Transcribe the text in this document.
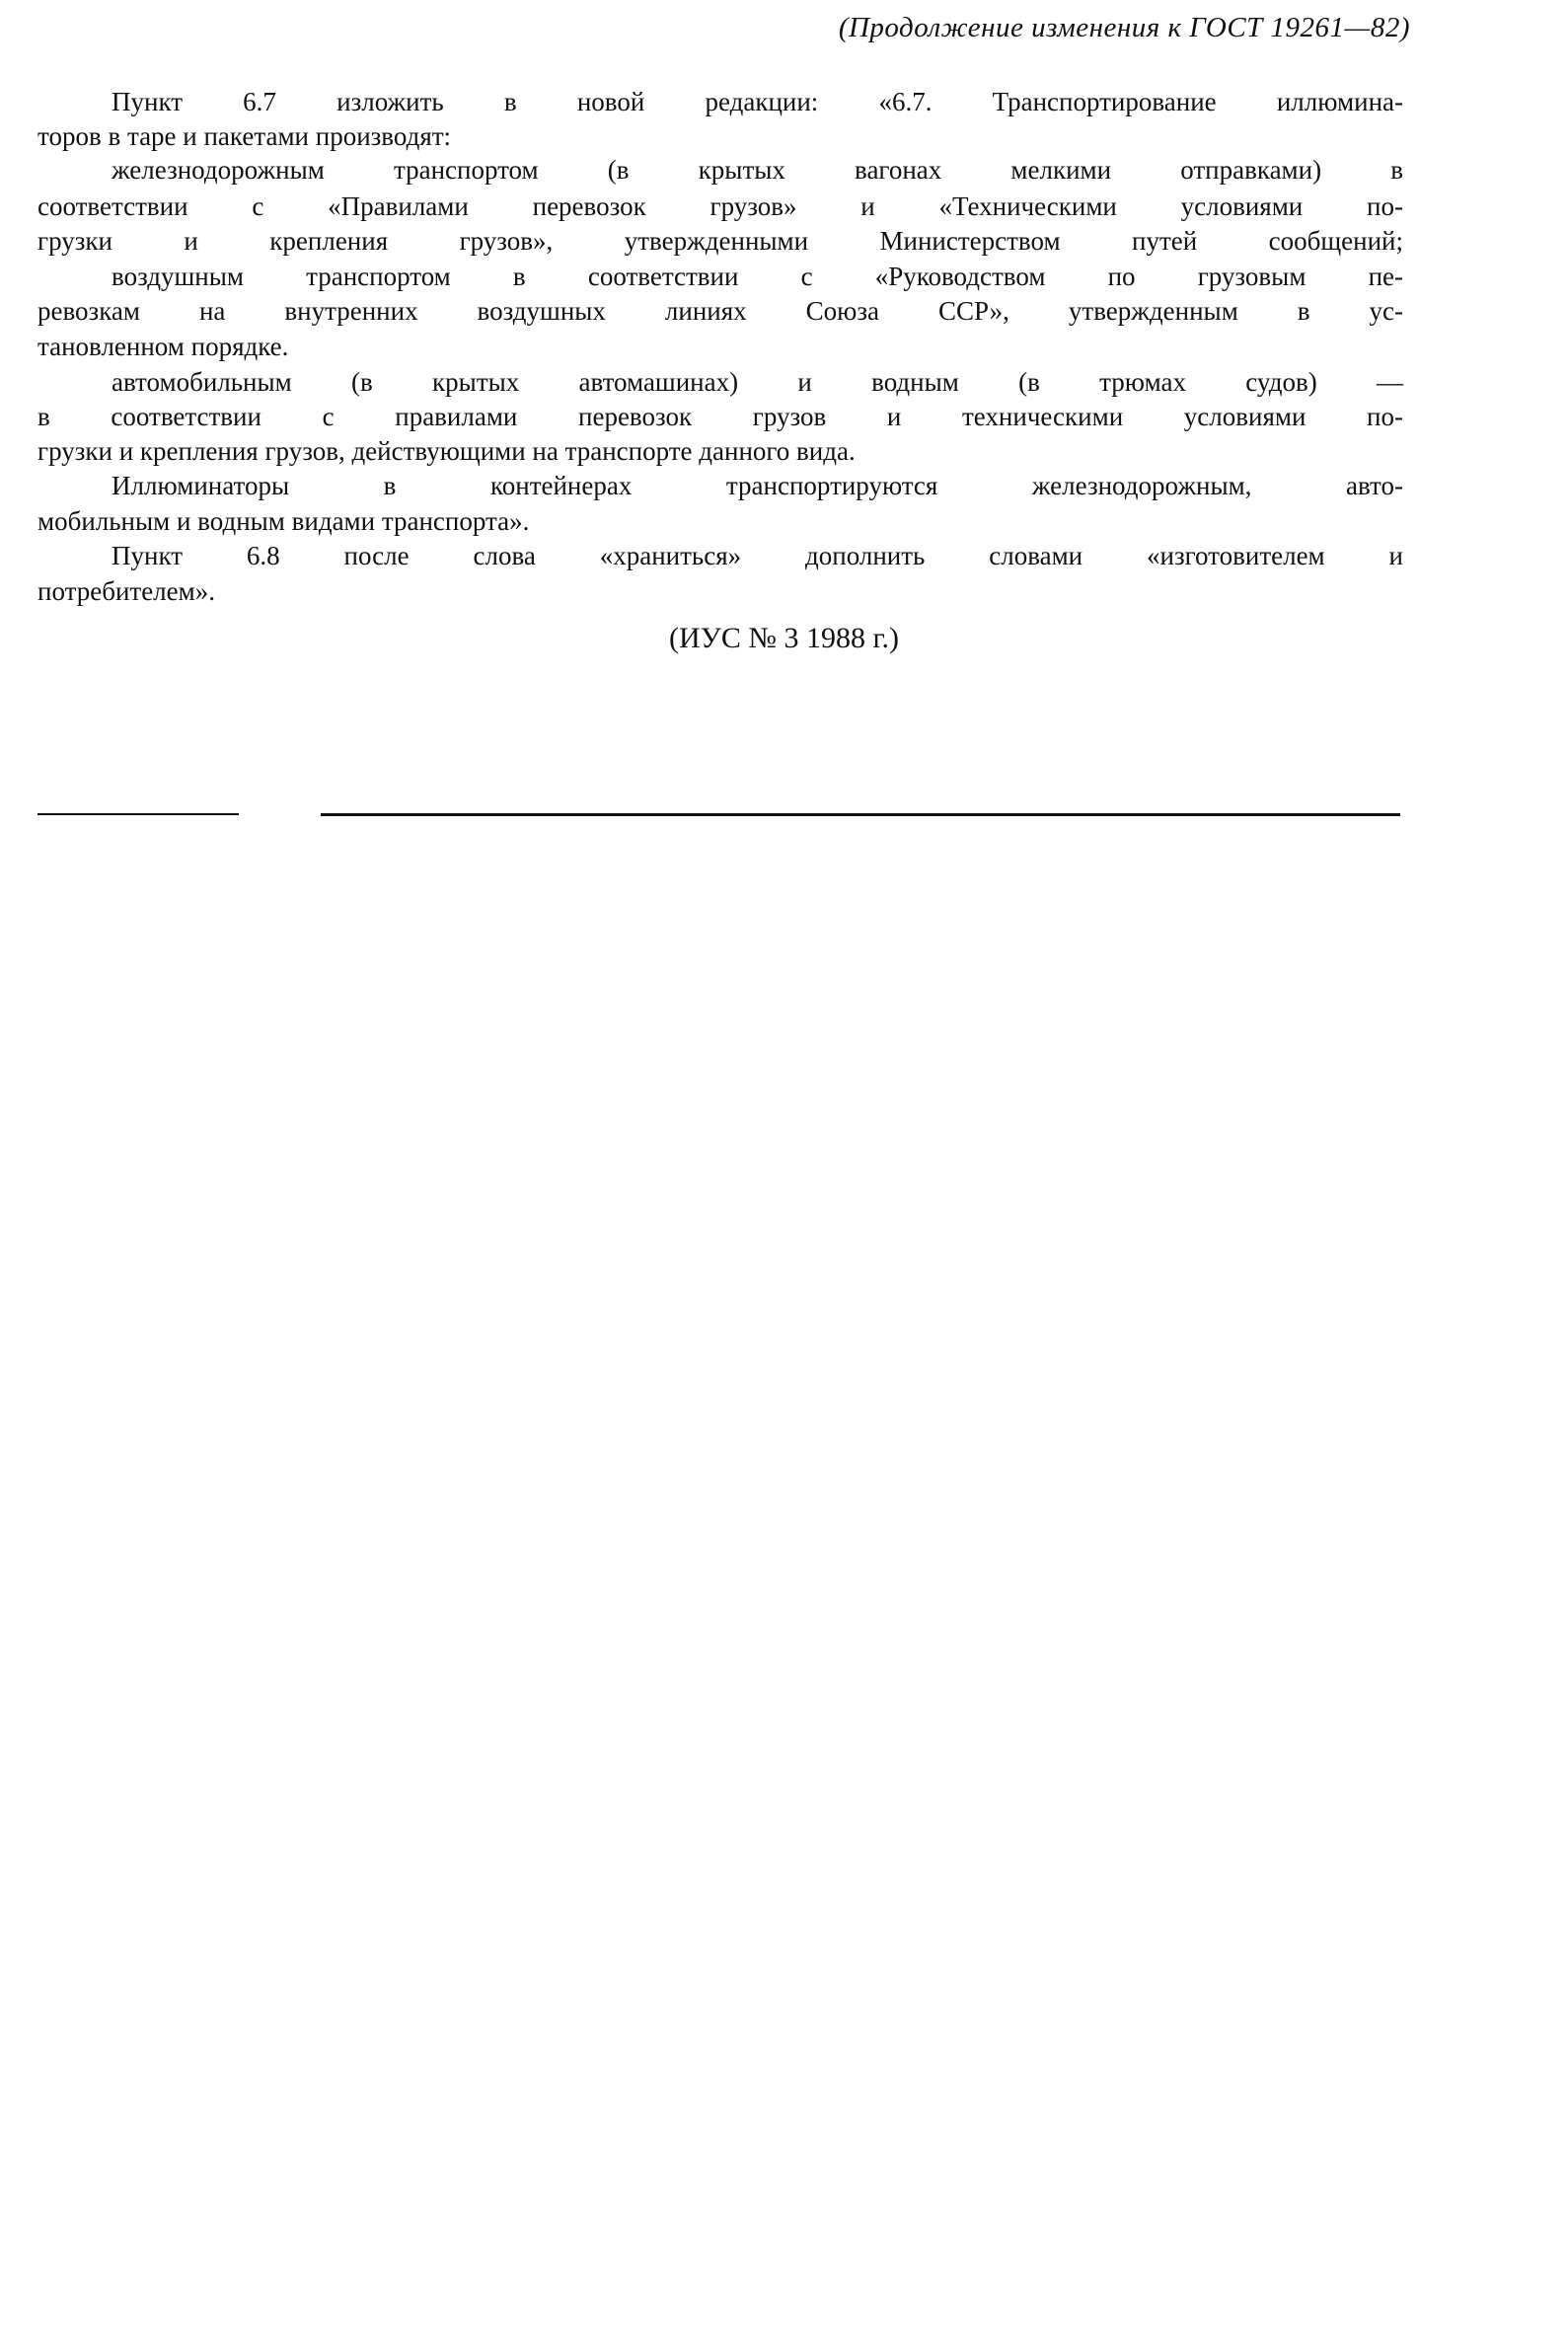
(Продолжение изменения к ГОСТ 19261—82)
Пункт 6.7 изложить в новой редакции: «6.7. Транспортирование иллюмина-
торов в таре и пакетами производят:
железнодорожным транспортом (в крытых вагонах мелкими отправками) в
соответствии с «Правилами перевозок грузов» и «Техническими условиями по-
грузки и крепления грузов», утвержденными Министерством путей сообщений;
воздушным транспортом в соответствии с «Руководством по грузовым пе-
ревозкам на внутренних воздушных линиях Союза ССР», утвержденным в ус-
тановленном порядке.
автомобильным (в крытых автомашинах) и водным (в трюмах судов) —
в соответствии с правилами перевозок грузов и техническими условиями по-
грузки и крепления грузов, действующими на транспорте данного вида.
Иллюминаторы в контейнерах транспортируются железнодорожным, авто-
мобильным и водным видами транспорта».
Пункт 6.8 после слова «храниться» дополнить словами «изготовителем и
потребителем».
(ИУС № 3 1988 г.)
